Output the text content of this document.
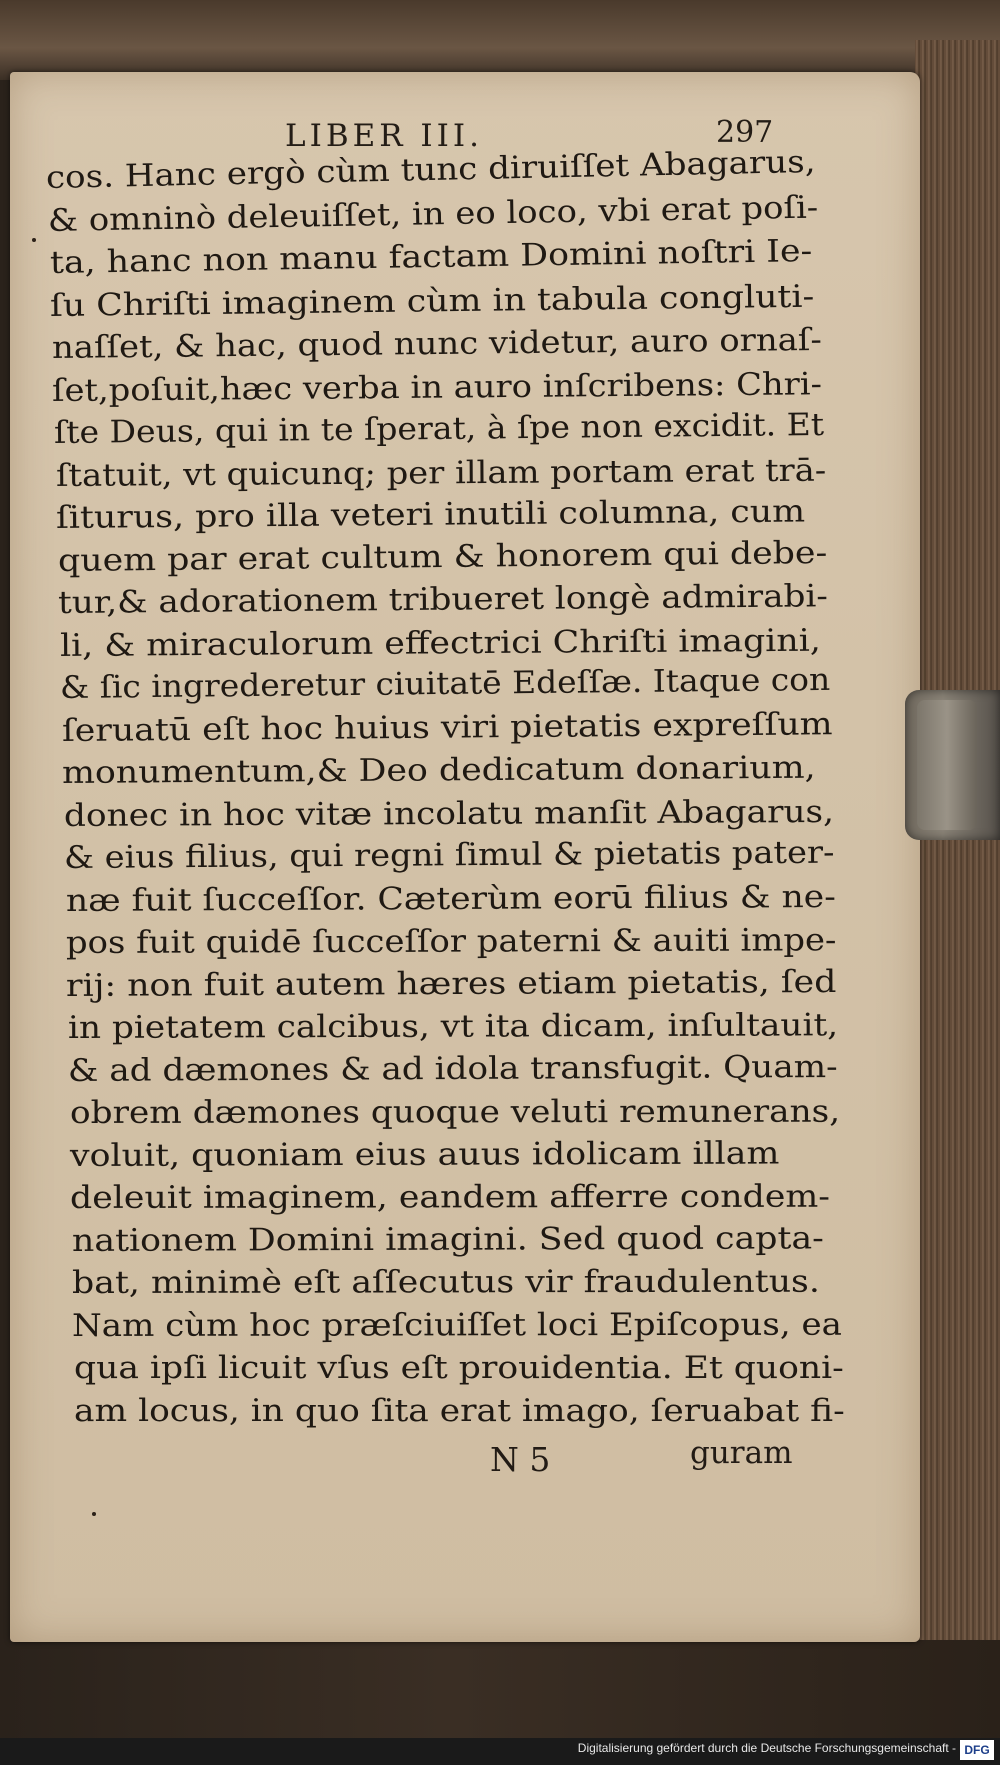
LIBER III.	297
cos. Hanc ergò cùm tunc diruiſſet Abagarus,
& omninò deleuiſſet, in eo loco, vbi erat poſi-
ta, hanc non manu factam Domini noſtri Ie-
ſu Chriſti imaginem cùm in tabula congluti-
naſſet, & hac, quod nunc videtur, auro ornaſ-
ſet,poſuit,hæc verba in auro inſcribens: Chri-
ſte Deus, qui in te ſperat, à ſpe non excidit. Et
ſtatuit, vt quicunq; per illam portam erat trā-
ſiturus, pro illa veteri inutili columna, cum
quem par erat cultum & honorem qui debe-
tur,& adorationem tribueret longè admirabi-
li, & miraculorum effectrici Chriſti imagini,
& ſic ingrederetur ciuitatē Edeſſæ. Itaque con
ſeruatū eſt hoc huius viri pietatis expreſſum
monumentum,& Deo dedicatum donarium,
donec in hoc vitæ incolatu manſit Abagarus,
& eius filius, qui regni ſimul & pietatis pater-
næ fuit ſucceſſor. Cæterùm eorū filius & ne-
pos fuit quidē ſucceſſor paterni & auiti impe-
rij: non fuit autem hæres etiam pietatis, ſed
in pietatem calcibus, vt ita dicam, inſultauit,
& ad dæmones & ad idola transfugit. Quam-
obrem dæmones quoque veluti remunerans,
voluit, quoniam eius auus idolicam illam
deleuit imaginem, eandem afferre condem-
nationem Domini imagini. Sed quod capta-
bat, minimè eſt aſſecutus vir fraudulentus.
Nam cùm hoc præſciuiſſet loci Epiſcopus, ea
qua ipſi licuit vſus eſt prouidentia. Et quoni-
am locus, in quo ſita erat imago, ſeruabat fi-
N 5	guram
Digitalisierung gefördert durch die Deutsche Forschungsgemeinschaft - DFG
